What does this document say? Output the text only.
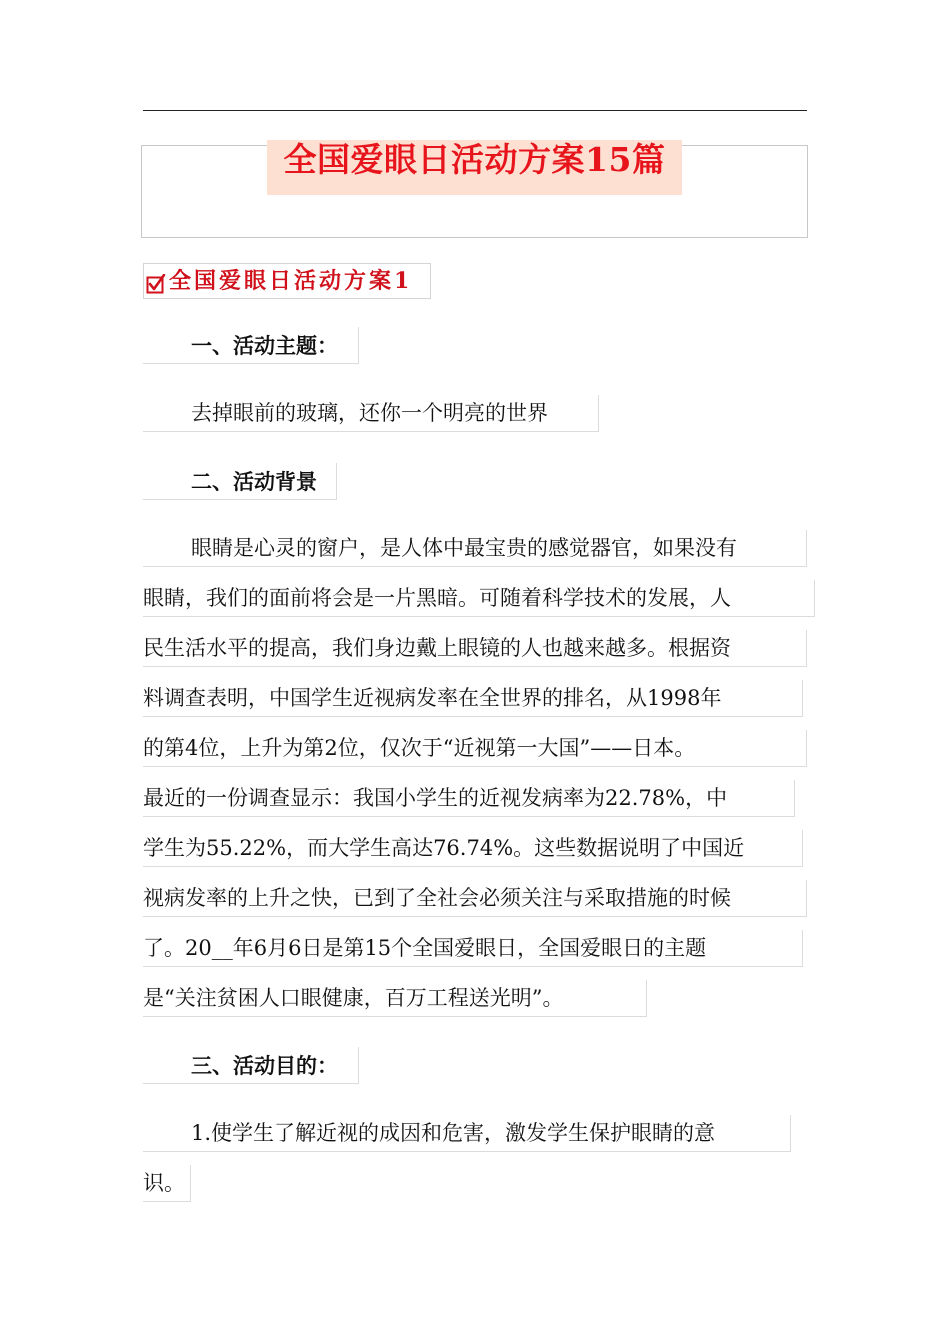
全国爱眼日活动方案15篇
全国爱眼日活动方案1
一、活动主题：
去掉眼前的玻璃，还你一个明亮的世界
二、活动背景
眼睛是心灵的窗户，是人体中最宝贵的感觉器官，如果没有
眼睛，我们的面前将会是一片黑暗。可随着科学技术的发展，人
民生活水平的提高，我们身边戴上眼镜的人也越来越多。根据资
料调查表明，中国学生近视病发率在全世界的排名，从1998年
的第4位，上升为第2位，仅次于“近视第一大国”——日本。
最近的一份调查显示：我国小学生的近视发病率为22.78%，中
学生为55.22%，而大学生高达76.74%。这些数据说明了中国近
视病发率的上升之快，已到了全社会必须关注与采取措施的时候
了。20__年6月6日是第15个全国爱眼日，全国爱眼日的主题
是“关注贫困人口眼健康，百万工程送光明”。
三、活动目的：
1.使学生了解近视的成因和危害，激发学生保护眼睛的意
识。
